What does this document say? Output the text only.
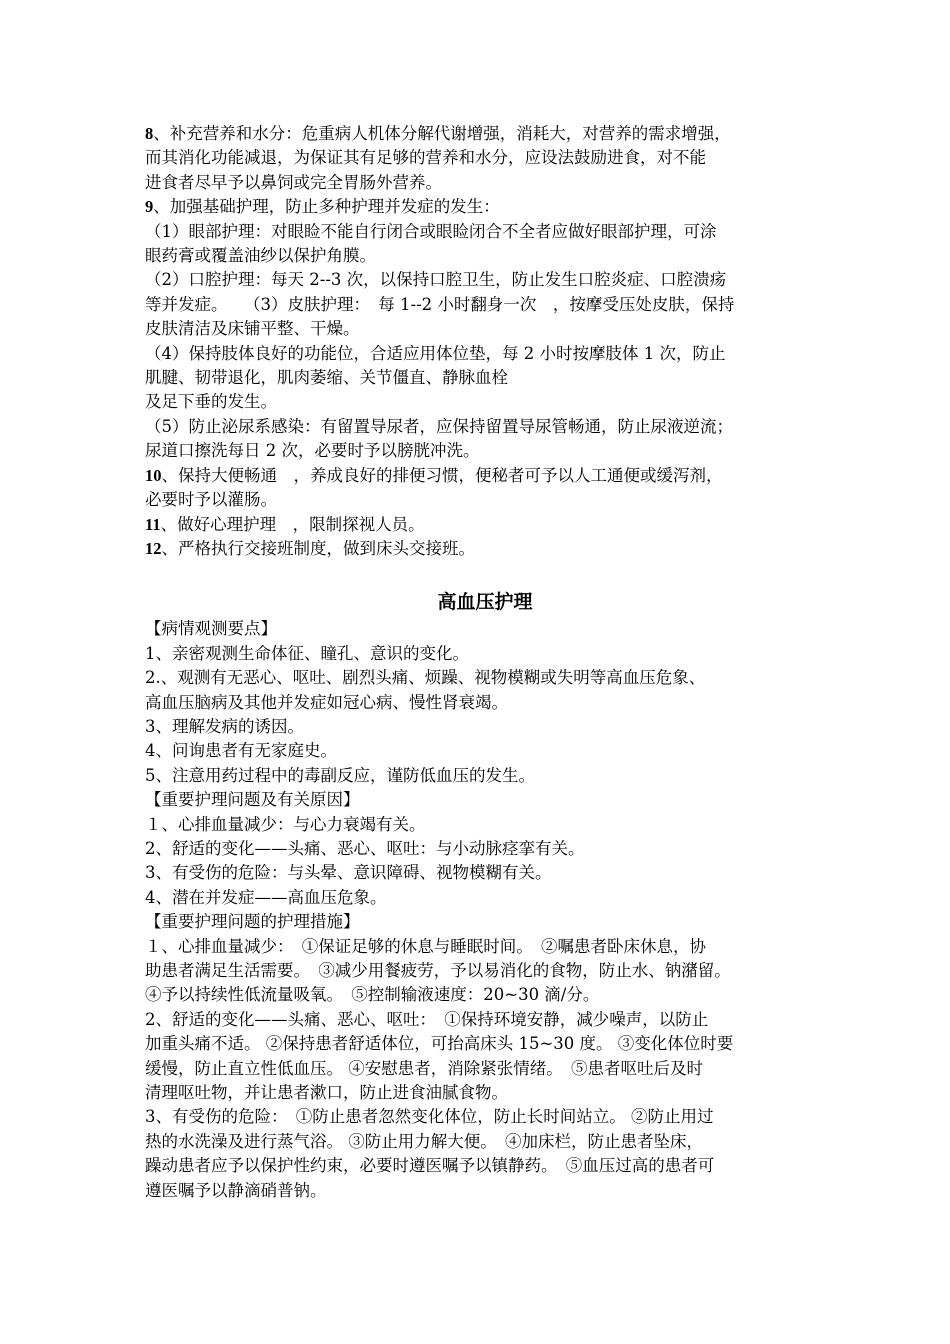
8、补充营养和水分：危重病人机体分解代谢增强，消耗大，对营养的需求增强，
而其消化功能减退，为保证其有足够的营养和水分，应设法鼓励进食，对不能
进食者尽早予以鼻饲或完全胃肠外营养。
9、加强基础护理，防止多种护理并发症的发生：
（1）眼部护理：对眼睑不能自行闭合或眼睑闭合不全者应做好眼部护理，可涂
眼药膏或覆盖油纱以保护角膜。
（2）口腔护理：每天 2--3 次，以保持口腔卫生，防止发生口腔炎症、口腔溃疡
等并发症。　　（3）皮肤护理：　每 1--2 小时翻身一次　，按摩受压处皮肤，保持
皮肤清洁及床铺平整、干燥。
（4）保持肢体良好的功能位，合适应用体位垫，每 2 小时按摩肢体 1 次，防止
肌腱、韧带退化，肌肉萎缩、关节僵直、静脉血栓
及足下垂的发生。
（5）防止泌尿系感染：有留置导尿者，应保持留置导尿管畅通，防止尿液逆流；
尿道口擦洗每日 2 次，必要时予以膀胱冲洗。
10、保持大便畅通　，养成良好的排便习惯，便秘者可予以人工通便或缓泻剂，
必要时予以灌肠。
11、做好心理护理　，限制探视人员。
12、严格执行交接班制度，做到床头交接班。
高血压护理
【病情观测要点】
1、亲密观测生命体征、瞳孔、意识的变化。
2.、观测有无恶心、呕吐、剧烈头痛、烦躁、视物模糊或失明等高血压危象、
高血压脑病及其他并发症如冠心病、慢性肾衰竭。
3、理解发病的诱因。
4、问询患者有无家庭史。
5、注意用药过程中的毒副反应，谨防低血压的发生。
【重要护理问题及有关原因】
１、心排血量减少：与心力衰竭有关。
2、舒适的变化——头痛、恶心、呕吐：与小动脉痉挛有关。
3、有受伤的危险：与头晕、意识障碍、视物模糊有关。
4、潜在并发症——高血压危象。
【重要护理问题的护理措施】
１、心排血量减少：　①保证足够的休息与睡眠时间。　②嘱患者卧床休息，协
助患者满足生活需要。　③减少用餐疲劳，予以易消化的食物，防止水、钠潴留。
④予以持续性低流量吸氧。　⑤控制输液速度：20~30 滴/分。
2、舒适的变化——头痛、恶心、呕吐：　①保持环境安静，减少噪声，以防止
加重头痛不适。 ②保持患者舒适体位，可抬高床头 15~30 度。 ③变化体位时要
缓慢，防止直立性低血压。 ④安慰患者，消除紧张情绪。　⑤患者呕吐后及时
清理呕吐物，并让患者漱口，防止进食油腻食物。
3、有受伤的危险：　①防止患者忽然变化体位，防止长时间站立。 ②防止用过
热的水洗澡及进行蒸气浴。 ③防止用力解大便。　④加床栏，防止患者坠床，
躁动患者应予以保护性约束，必要时遵医嘱予以镇静药。　⑤血压过高的患者可
遵医嘱予以静滴硝普钠。
